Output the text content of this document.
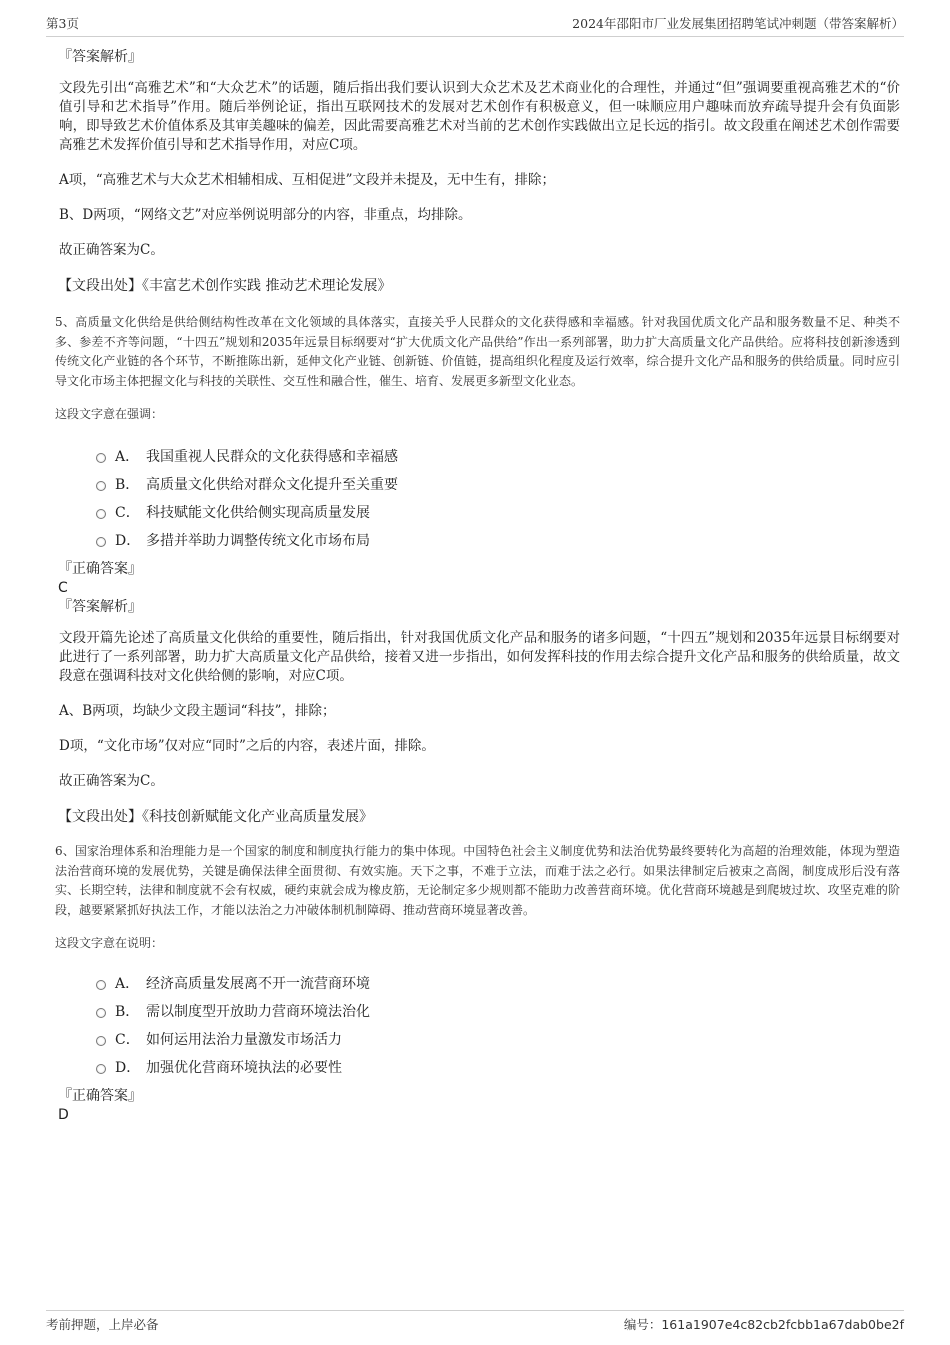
第3页	2024年邵阳市厂业发展集团招聘笔试冲刺题（带答案解析）
『答案解析』

文段先引出“高雅艺术”和“大众艺术”的话题，随后指出我们要认识到大众艺术及艺术商业化的合理性，并通过“但”强调要重视高雅艺术的“价值引导和艺术指导”作用。随后举例论证，指出互联网技术的发展对艺术创作有积极意义，但一味顺应用户趣味而放弃疏导提升会有负面影响，即导致艺术价值体系及其审美趣味的偏差，因此需要高雅艺术对当前的艺术创作实践做出立足长远的指引。故文段重在阐述艺术创作需要高雅艺术发挥价值引导和艺术指导作用，对应C项。

A项，“高雅艺术与大众艺术相辅相成、互相促进”文段并未提及，无中生有，排除；

B、D两项，“网络文艺”对应举例说明部分的内容，非重点，均排除。

故正确答案为C。

【文段出处】《丰富艺术创作实践 推动艺术理论发展》

5、高质量文化供给是供给侧结构性改革在文化领域的具体落实，直接关乎人民群众的文化获得感和幸福感。针对我国优质文化产品和服务数量不足、种类不多、参差不齐等问题，“十四五”规划和2035年远景目标纲要对“扩大优质文化产品供给”作出一系列部署，助力扩大高质量文化产品供给。应将科技创新渗透到传统文化产业链的各个环节，不断推陈出新，延伸文化产业链、创新链、价值链，提高组织化程度及运行效率，综合提升文化产品和服务的供给质量。同时应引导文化市场主体把握文化与科技的关联性、交互性和融合性，催生、培育、发展更多新型文化业态。

这段文字意在强调：
A． 我国重视人民群众的文化获得感和幸福感
B． 高质量文化供给对群众文化提升至关重要
C． 科技赋能文化供给侧实现高质量发展
D． 多措并举助力调整传统文化市场布局
『正确答案』
C
『答案解析』

文段开篇先论述了高质量文化供给的重要性，随后指出，针对我国优质文化产品和服务的诸多问题，“十四五”规划和2035年远景目标纲要对此进行了一系列部署，助力扩大高质量文化产品供给，接着又进一步指出，如何发挥科技的作用去综合提升文化产品和服务的供给质量，故文段意在强调科技对文化供给侧的影响，对应C项。

A、B两项，均缺少文段主题词“科技”，排除；

D项，“文化市场”仅对应“同时”之后的内容，表述片面，排除。

故正确答案为C。

【文段出处】《科技创新赋能文化产业高质量发展》

6、国家治理体系和治理能力是一个国家的制度和制度执行能力的集中体现。中国特色社会主义制度优势和法治优势最终要转化为高超的治理效能，体现为塑造法治营商环境的发展优势，关键是确保法律全面贯彻、有效实施。天下之事，不难于立法，而难于法之必行。如果法律制定后被束之高阁，制度成形后没有落实、长期空转，法律和制度就不会有权威，硬约束就会成为橡皮筋，无论制定多少规则都不能助力改善营商环境。优化营商环境越是到爬坡过坎、攻坚克难的阶段，越要紧紧抓好执法工作，才能以法治之力冲破体制机制障碍、推动营商环境显著改善。

这段文字意在说明：
A． 经济高质量发展离不开一流营商环境
B． 需以制度型开放助力营商环境法治化
C． 如何运用法治力量激发市场活力
D． 加强优化营商环境执法的必要性
『正确答案』
D
考前押题，上岸必备	编号：161a1907e4c82cb2fcbb1a67dab0be2f
